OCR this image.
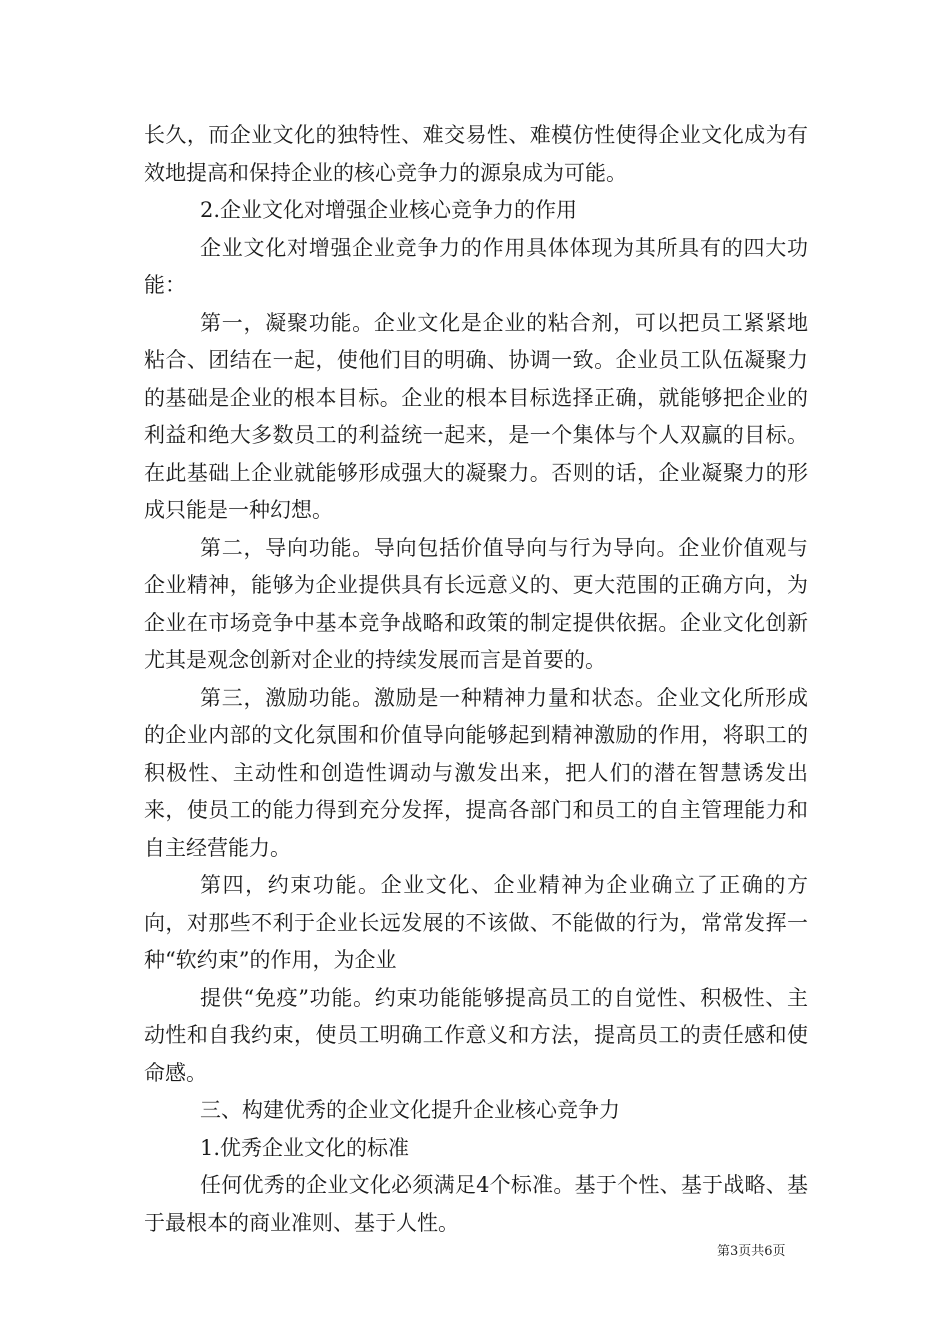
长久，而企业文化的独特性、难交易性、难模仿性使得企业文化成为有效地提高和保持企业的核心竞争力的源泉成为可能。

2.企业文化对增强企业核心竞争力的作用

企业文化对增强企业竞争力的作用具体体现为其所具有的四大功能：

第一，凝聚功能。企业文化是企业的粘合剂，可以把员工紧紧地粘合、团结在一起，使他们目的明确、协调一致。企业员工队伍凝聚力的基础是企业的根本目标。企业的根本目标选择正确，就能够把企业的利益和绝大多数员工的利益统一起来，是一个集体与个人双赢的目标。在此基础上企业就能够形成强大的凝聚力。否则的话，企业凝聚力的形成只能是一种幻想。

第二，导向功能。导向包括价值导向与行为导向。企业价值观与企业精神，能够为企业提供具有长远意义的、更大范围的正确方向，为企业在市场竞争中基本竞争战略和政策的制定提供依据。企业文化创新尤其是观念创新对企业的持续发展而言是首要的。

第三，激励功能。激励是一种精神力量和状态。企业文化所形成的企业内部的文化氛围和价值导向能够起到精神激励的作用，将职工的积极性、主动性和创造性调动与激发出来，把人们的潜在智慧诱发出来，使员工的能力得到充分发挥，提高各部门和员工的自主管理能力和自主经营能力。

第四，约束功能。企业文化、企业精神为企业确立了正确的方向，对那些不利于企业长远发展的不该做、不能做的行为，常常发挥一种“软约束”的作用，为企业

提供“免疫”功能。约束功能能够提高员工的自觉性、积极性、主动性和自我约束，使员工明确工作意义和方法，提高员工的责任感和使命感。

三、构建优秀的企业文化提升企业核心竞争力

1.优秀企业文化的标准

任何优秀的企业文化必须满足4个标准。基于个性、基于战略、基于最根本的商业准则、基于人性。

第3页共6页
